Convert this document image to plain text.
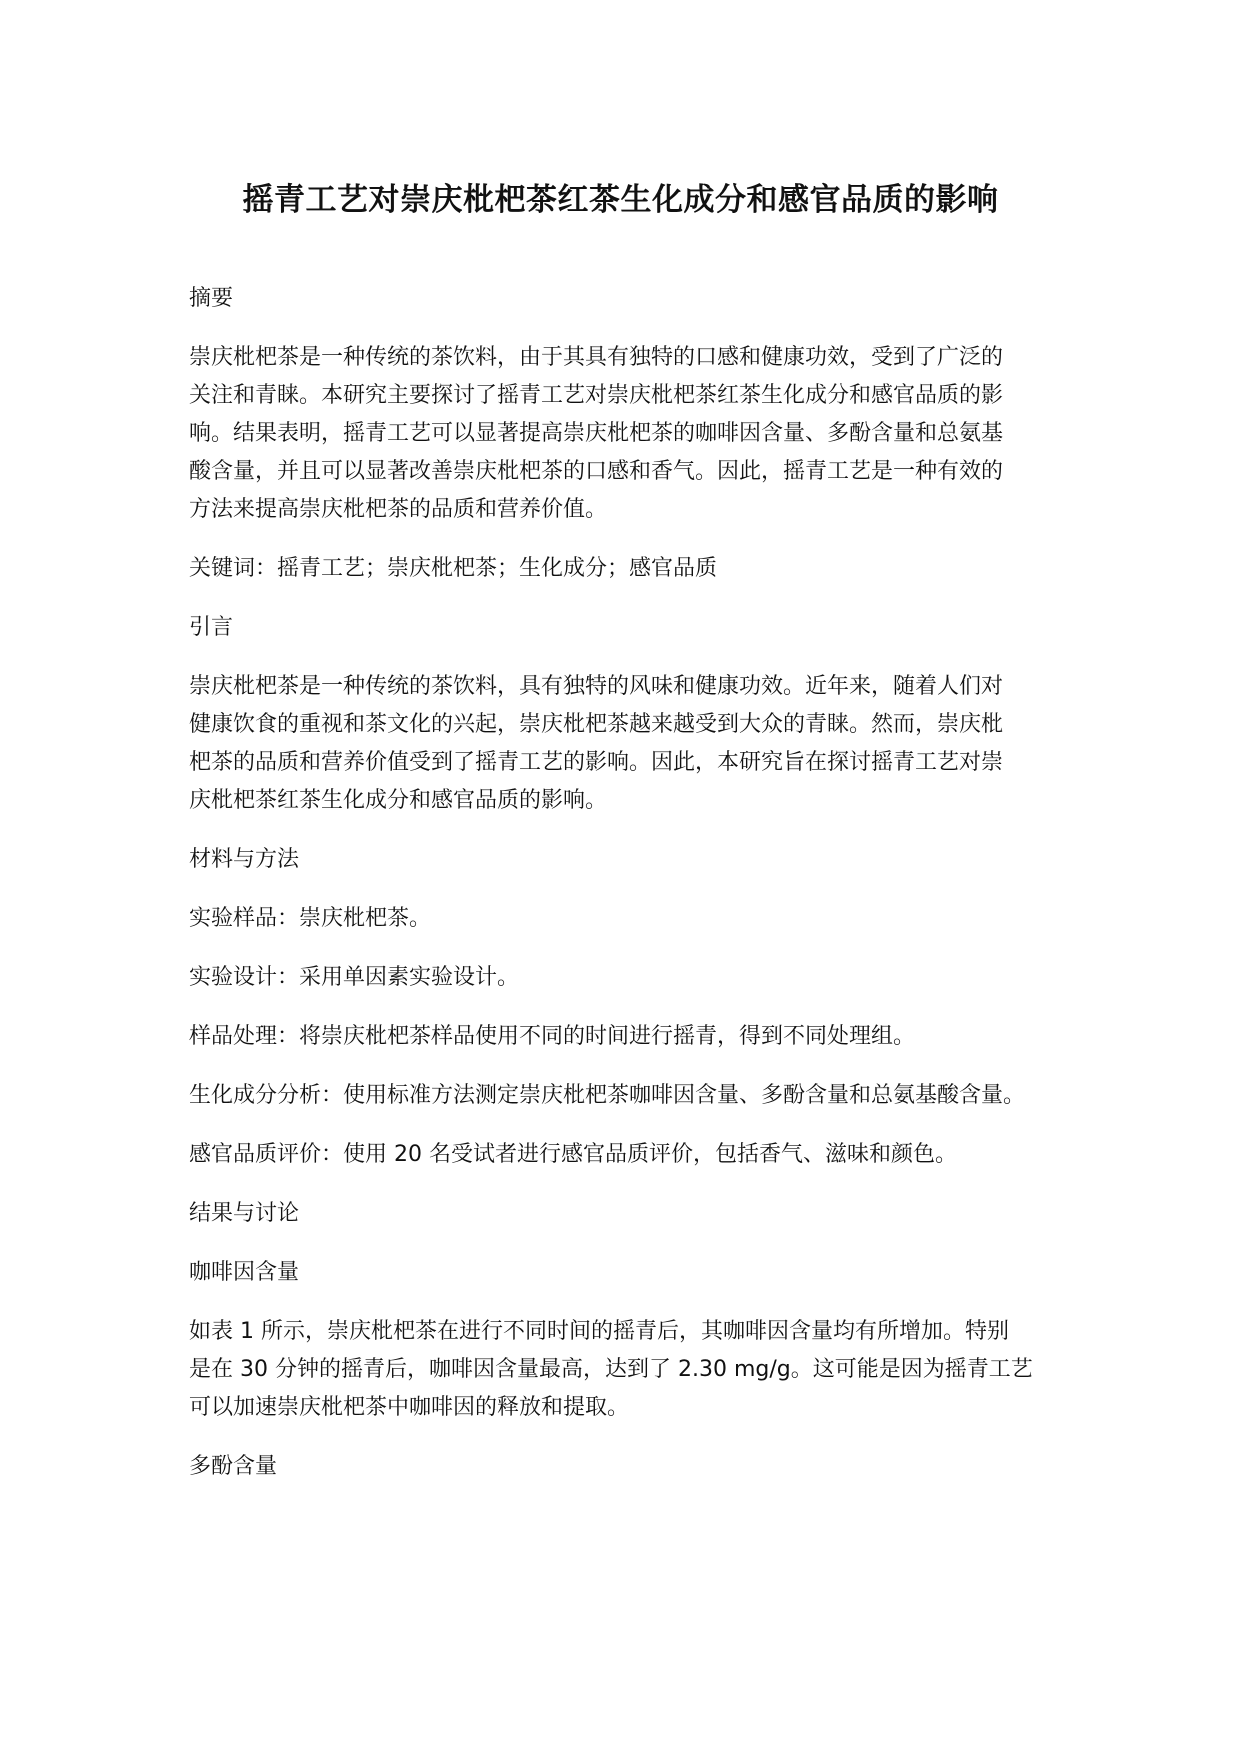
摇青工艺对崇庆枇杷茶红茶生化成分和感官品质的影响

摘要

崇庆枇杷茶是一种传统的茶饮料，由于其具有独特的口感和健康功效，受到了广泛的

关注和青睐。本研究主要探讨了摇青工艺对崇庆枇杷茶红茶生化成分和感官品质的影

响。结果表明，摇青工艺可以显著提高崇庆枇杷茶的咖啡因含量、多酚含量和总氨基

酸含量，并且可以显著改善崇庆枇杷茶的口感和香气。因此，摇青工艺是一种有效的

方法来提高崇庆枇杷茶的品质和营养价值。

关键词：摇青工艺；崇庆枇杷茶；生化成分；感官品质

引言

崇庆枇杷茶是一种传统的茶饮料，具有独特的风味和健康功效。近年来，随着人们对

健康饮食的重视和茶文化的兴起，崇庆枇杷茶越来越受到大众的青睐。然而，崇庆枇

杷茶的品质和营养价值受到了摇青工艺的影响。因此，本研究旨在探讨摇青工艺对崇

庆枇杷茶红茶生化成分和感官品质的影响。

材料与方法

实验样品：崇庆枇杷茶。

实验设计：采用单因素实验设计。

样品处理：将崇庆枇杷茶样品使用不同的时间进行摇青，得到不同处理组。

生化成分分析：使用标准方法测定崇庆枇杷茶咖啡因含量、多酚含量和总氨基酸含量。

感官品质评价：使用 20 名受试者进行感官品质评价，包括香气、滋味和颜色。

结果与讨论

咖啡因含量

如表 1 所示，崇庆枇杷茶在进行不同时间的摇青后，其咖啡因含量均有所增加。特别

是在 30 分钟的摇青后，咖啡因含量最高，达到了 2.30 mg/g。这可能是因为摇青工艺

可以加速崇庆枇杷茶中咖啡因的释放和提取。

多酚含量
